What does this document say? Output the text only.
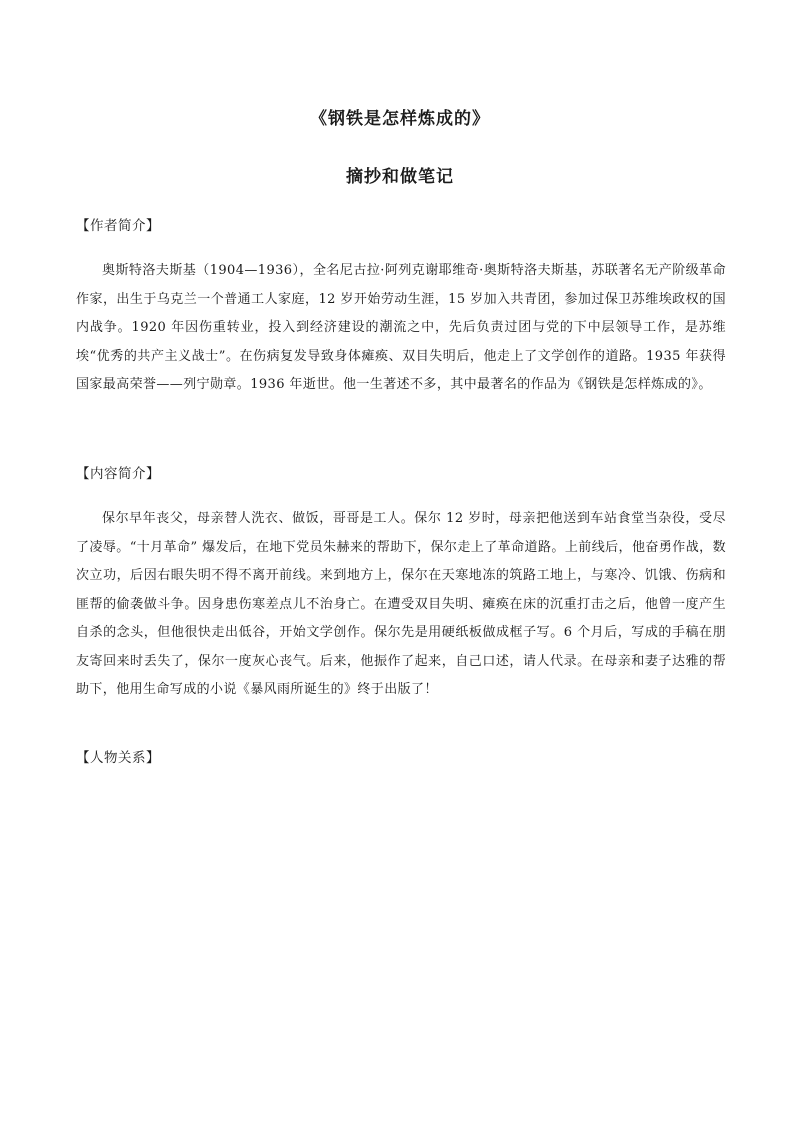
《钢铁是怎样炼成的》
摘抄和做笔记
【作者简介】
奥斯特洛夫斯基（1904—1936），全名尼古拉·阿列克谢耶维奇·奥斯特洛夫斯基，苏联著名无产阶级革命作家，出生于乌克兰一个普通工人家庭，12 岁开始劳动生涯，15 岁加入共青团，参加过保卫苏维埃政权的国内战争。1920 年因伤重转业，投入到经济建设的潮流之中，先后负责过团与党的下中层领导工作，是苏维埃“优秀的共产主义战士”。在伤病复发导致身体瘫痪、双目失明后，他走上了文学创作的道路。1935 年获得国家最高荣誉——列宁勋章。1936 年逝世。他一生著述不多，其中最著名的作品为《钢铁是怎样炼成的》。
【内容简介】
保尔早年丧父，母亲替人洗衣、做饭，哥哥是工人。保尔 12 岁时，母亲把他送到车站食堂当杂役，受尽了凌辱。“十月革命” 爆发后，在地下党员朱赫来的帮助下，保尔走上了革命道路。上前线后，他奋勇作战，数次立功，后因右眼失明不得不离开前线。来到地方上，保尔在天寒地冻的筑路工地上，与寒冷、饥饿、伤病和匪帮的偷袭做斗争。因身患伤寒差点儿不治身亡。在遭受双目失明、瘫痪在床的沉重打击之后，他曾一度产生自杀的念头，但他很快走出低谷，开始文学创作。保尔先是用硬纸板做成框子写。6 个月后，写成的手稿在朋友寄回来时丢失了，保尔一度灰心丧气。后来，他振作了起来，自己口述，请人代录。在母亲和妻子达雅的帮助下，他用生命写成的小说《暴风雨所诞生的》终于出版了！
【人物关系】
